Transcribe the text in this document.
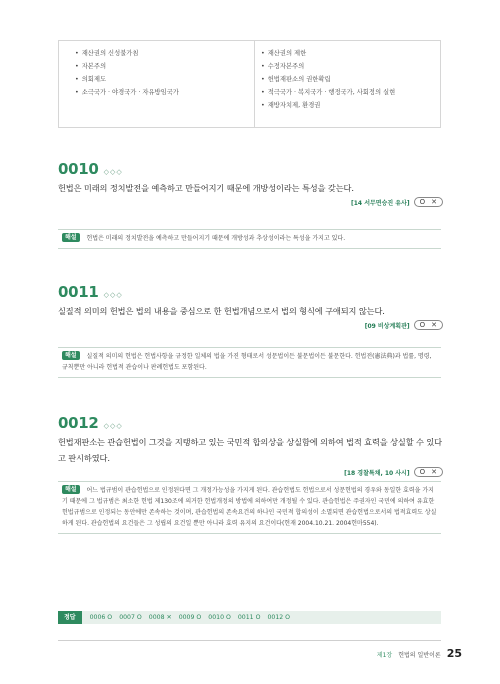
• 재산권의 신성불가침
• 자본주의
• 의회제도
• 소극국가 · 야경국가 · 자유방임국가
• 재산권의 제한
• 수정자본주의
• 헌법재판소의 권한확립
• 적극국가 · 복지국가 · 행정국가, 사회정의 실현
• 재방자치제, 환경권
0010 ◇◇◇
헌법은 미래의 정치발전을 예측하고 만들어지기 때문에 개방성이라는 특성을 갖는다.
[14 서무면승진 유사] O ✕
해설 헌법은 미래의 정치발전을 예측하고 만들어지기 때문에 개방성과 추상성이라는 특성을 가지고 있다.
0011 ◇◇◇
실질적 의미의 헌법은 법의 내용을 중심으로 한 헌법개념으로서 법의 형식에 구애되지 않는다.
[09 비상계획관] O ✕
해설 실질적 의미의 헌법은 헌법사항을 규정한 일체의 법을 가진 형태로서 성문법이든 불문법이든 불문한다. 헌법전(憲法典)과 법률, 명령, 규칙뿐만 아니라 헌법적 관습이나 판례헌법도 포함된다.
0012 ◇◇◇
헌법재판소는 관습헌법이 그것을 지탱하고 있는 국민적 합의상을 상실함에 의하여 법적 효력을 상실할 수 있다고 판시하였다.
[18 경찰특채, 10 사시] O ✕
해설 어느 법규범이 관습헌법으로 인정된다면 그 개정가능성을 가지게 된다. 관습헌법도 헌법으로서 성문헌법의 경우와 동일한 효력을 가지기 때문에 그 법규범은 최소한 헌법 제130조에 의거한 헌법개정의 방법에 의하여만 개정될 수 있다. 관습헌법은 주권자인 국민에 의하여 유효한 헌법규범으로 인정되는 동안에만 존속하는 것이며, 관습헌법의 존속요건의 하나인 국민적 합의성이 소멸되면 관습헌법으로서의 법적효력도 상실하게 된다. 관습헌법의 요건들은 그 성립의 요건일 뿐만 아니라 효력 유지의 요건이다(헌재 2004.10.21. 2004헌마554).
정답	0006 O 0007 O 0008 ✕ 0009 O 0010 O 0011 O 0012 O
제1장 헌법의 일반이론 25
